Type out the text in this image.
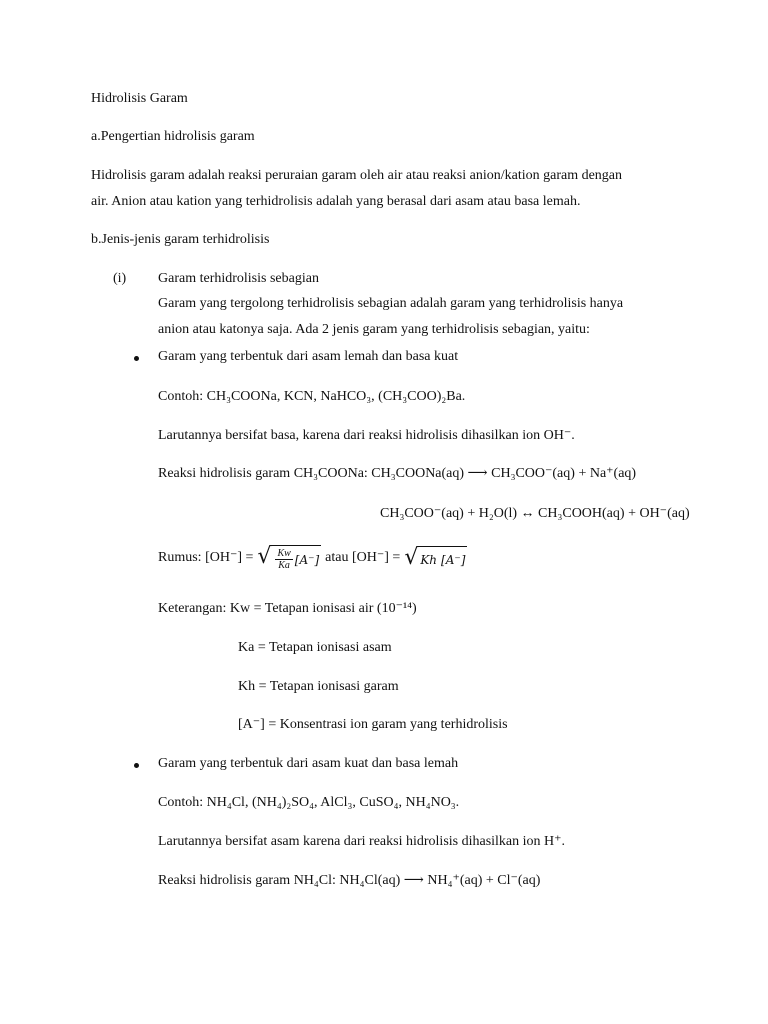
Hidrolisis Garam
a.Pengertian hidrolisis garam
Hidrolisis garam adalah reaksi peruraian garam oleh air atau reaksi anion/kation garam dengan
air. Anion atau kation yang terhidrolisis adalah yang berasal dari asam atau basa lemah.
b.Jenis-jenis garam terhidrolisis
(i) Garam terhidrolisis sebagian
Garam yang tergolong terhidrolisis sebagian adalah garam yang terhidrolisis hanya
anion atau katonya saja. Ada 2 jenis garam yang terhidrolisis sebagian, yaitu:
Garam yang terbentuk dari asam lemah dan basa kuat
Contoh: CH₃COONa, KCN, NaHCO₃, (CH₃COO)₂Ba.
Larutannya bersifat basa, karena dari reaksi hidrolisis dihasilkan ion OH⁻.
Reaksi hidrolisis garam CH₃COONa: CH₃COONa(aq) ⟶ CH₃COO⁻(aq) + Na⁺(aq)
CH₃COO⁻(aq) + H₂O(l) ↔ CH₃COOH(aq) + OH⁻(aq)
Rumus: [OH⁻] = √ $\frac{Kw}{Ka} [A^-]$ atau [OH⁻] = √ Kh [A⁻]
Keterangan: Kw = Tetapan ionisasi air (10⁻¹⁴)
Ka = Tetapan ionisasi asam
Kh = Tetapan ionisasi garam
[A⁻] = Konsentrasi ion garam yang terhidrolisis
Garam yang terbentuk dari asam kuat dan basa lemah
Contoh: NH₄Cl, (NH₄)₂SO₄, AlCl₃, CuSO₄, NH₄NO₃.
Larutannya bersifat asam karena dari reaksi hidrolisis dihasilkan ion H⁺.
Reaksi hidrolisis garam NH₄Cl: NH₄Cl(aq) ⟶ NH₄⁺(aq) + Cl⁻(aq)
